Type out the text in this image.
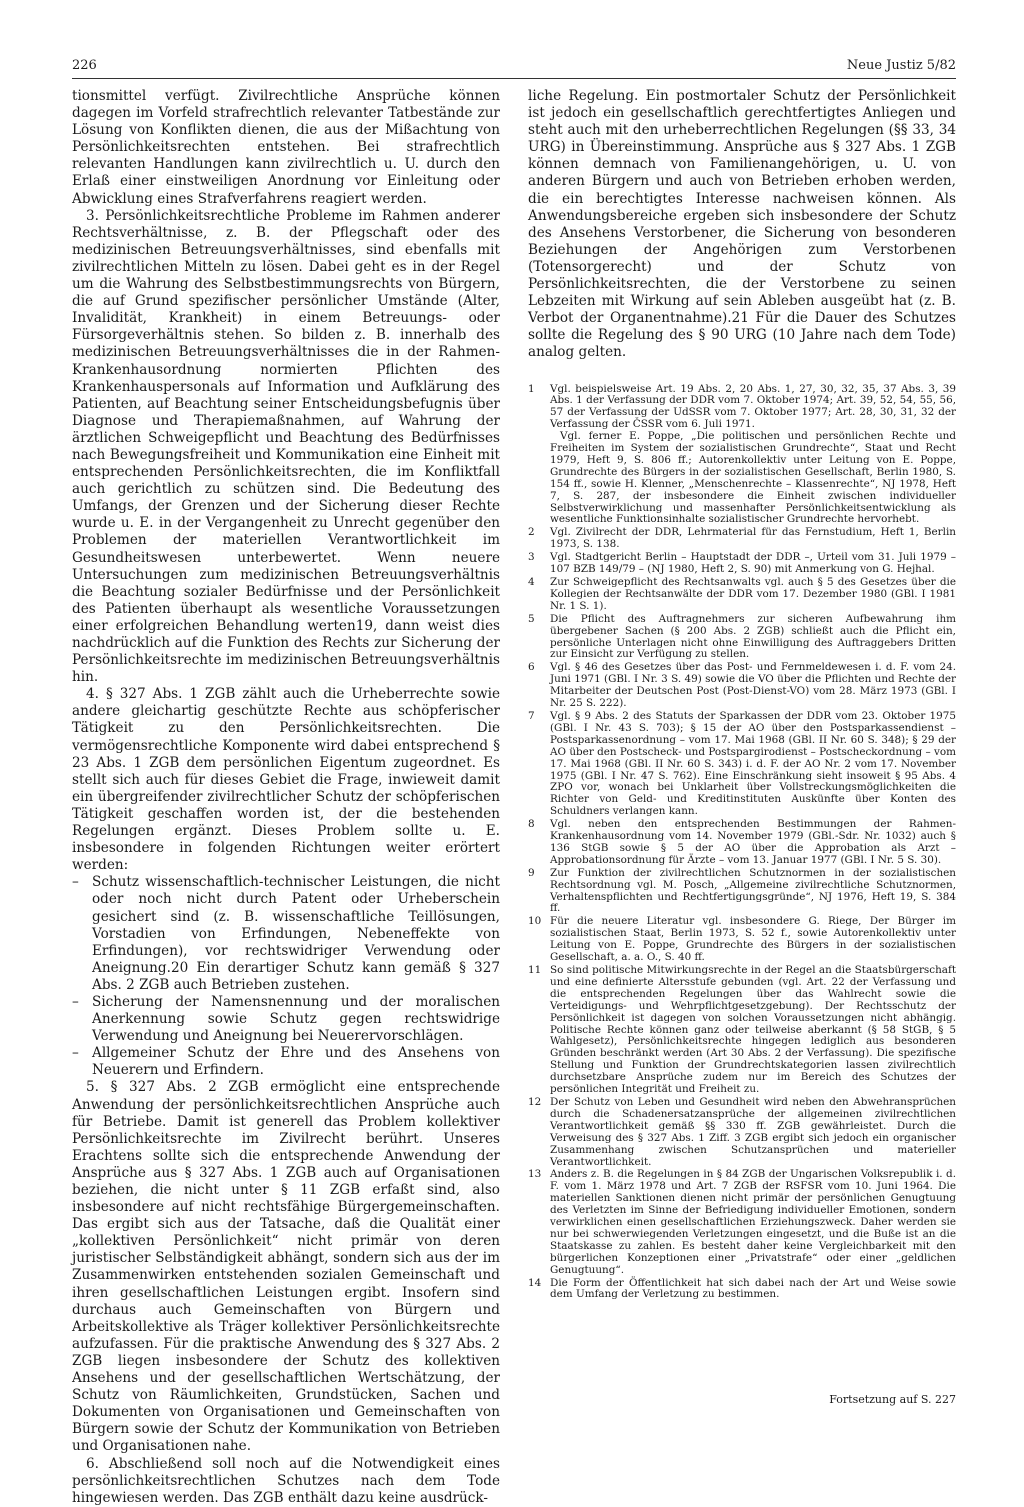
226	Neue Justiz 5/82

tionsmittel verfügt. Zivilrechtliche Ansprüche können dagegen im Vorfeld strafrechtlich relevanter Tatbestände zur Lösung von Konflikten dienen, die aus der Mißachtung von Persönlichkeitsrechten entstehen. Bei strafrechtlich relevanten Handlungen kann zivilrechtlich u. U. durch den Erlaß einer einstweiligen Anordnung vor Einleitung oder Abwicklung eines Strafverfahrens reagiert werden.

3. Persönlichkeitsrechtliche Probleme im Rahmen anderer Rechtsverhältnisse, z. B. der Pflegschaft oder des medizinischen Betreuungsverhältnisses, sind ebenfalls mit zivilrechtlichen Mitteln zu lösen. Dabei geht es in der Regel um die Wahrung des Selbstbestimmungsrechts von Bürgern, die auf Grund spezifischer persönlicher Umstände (Alter, Invalidität, Krankheit) in einem Betreuungs- oder Fürsorgeverhältnis stehen. So bilden z. B. innerhalb des medizinischen Betreuungsverhältnisses die in der Rahmen-Krankenhausordnung normierten Pflichten des Krankenhauspersonals auf Information und Aufklärung des Patienten, auf Beachtung seiner Entscheidungsbefugnis über Diagnose und Therapiemaßnahmen, auf Wahrung der ärztlichen Schweigepflicht und Beachtung des Bedürfnisses nach Bewegungsfreiheit und Kommunikation eine Einheit mit entsprechenden Persönlichkeitsrechten, die im Konfliktfall auch gerichtlich zu schützen sind. Die Bedeutung des Umfangs, der Grenzen und der Sicherung dieser Rechte wurde u. E. in der Vergangenheit zu Unrecht gegenüber den Problemen der materiellen Verantwortlichkeit im Gesundheitswesen unterbewertet. Wenn neuere Untersuchungen zum medizinischen Betreuungsverhältnis die Beachtung sozialer Bedürfnisse und der Persönlichkeit des Patienten überhaupt als wesentliche Voraussetzungen einer erfolgreichen Behandlung werten19, dann weist dies nachdrücklich auf die Funktion des Rechts zur Sicherung der Persönlichkeitsrechte im medizinischen Betreuungsverhältnis hin.

4. § 327 Abs. 1 ZGB zählt auch die Urheberrechte sowie andere gleichartig geschützte Rechte aus schöpferischer Tätigkeit zu den Persönlichkeitsrechten. Die vermögensrechtliche Komponente wird dabei entsprechend § 23 Abs. 1 ZGB dem persönlichen Eigentum zugeordnet. Es stellt sich auch für dieses Gebiet die Frage, inwieweit damit ein übergreifender zivilrechtlicher Schutz der schöpferischen Tätigkeit geschaffen worden ist, der die bestehenden Regelungen ergänzt. Dieses Problem sollte u. E. insbesondere in folgenden Richtungen weiter erörtert werden:

– Schutz wissenschaftlich-technischer Leistungen, die nicht oder noch nicht durch Patent oder Urheberschein gesichert sind (z. B. wissenschaftliche Teillösungen, Vorstadien von Erfindungen, Nebeneffekte von Erfindungen), vor rechtswidriger Verwendung oder Aneignung.20 Ein derartiger Schutz kann gemäß § 327 Abs. 2 ZGB auch Betrieben zustehen.
– Sicherung der Namensnennung und der moralischen Anerkennung sowie Schutz gegen rechtswidrige Verwendung und Aneignung bei Neuerervorschlägen.
– Allgemeiner Schutz der Ehre und des Ansehens von Neuerern und Erfindern.

5. § 327 Abs. 2 ZGB ermöglicht eine entsprechende Anwendung der persönlichkeitsrechtlichen Ansprüche auch für Betriebe. Damit ist generell das Problem kollektiver Persönlichkeitsrechte im Zivilrecht berührt. Unseres Erachtens sollte sich die entsprechende Anwendung der Ansprüche aus § 327 Abs. 1 ZGB auch auf Organisationen beziehen, die nicht unter § 11 ZGB erfaßt sind, also insbesondere auf nicht rechtsfähige Bürgergemeinschaften. Das ergibt sich aus der Tatsache, daß die Qualität einer „kollektiven Persönlichkeit“ nicht primär von deren juristischer Selbständigkeit abhängt, sondern sich aus der im Zusammenwirken entstehenden sozialen Gemeinschaft und ihren gesellschaftlichen Leistungen ergibt. Insofern sind durchaus auch Gemeinschaften von Bürgern und Arbeitskollektive als Träger kollektiver Persönlichkeitsrechte aufzufassen. Für die praktische Anwendung des § 327 Abs. 2 ZGB liegen insbesondere der Schutz des kollektiven Ansehens und der gesellschaftlichen Wertschätzung, der Schutz von Räumlichkeiten, Grundstücken, Sachen und Dokumenten von Organisationen und Gemeinschaften von Bürgern sowie der Schutz der Kommunikation von Betrieben und Organisationen nahe.

6. Abschließend soll noch auf die Notwendigkeit eines persönlichkeitsrechtlichen Schutzes nach dem Tode hingewiesen werden. Das ZGB enthält dazu keine ausdrück-

liche Regelung. Ein postmortaler Schutz der Persönlichkeit ist jedoch ein gesellschaftlich gerechtfertigtes Anliegen und steht auch mit den urheberrechtlichen Regelungen (§§ 33, 34 URG) in Übereinstimmung. Ansprüche aus § 327 Abs. 1 ZGB können demnach von Familienangehörigen, u. U. von anderen Bürgern und auch von Betrieben erhoben werden, die ein berechtigtes Interesse nachweisen können. Als Anwendungsbereiche ergeben sich insbesondere der Schutz des Ansehens Verstorbener, die Sicherung von besonderen Beziehungen der Angehörigen zum Verstorbenen (Totensorgerecht) und der Schutz von Persönlichkeitsrechten, die der Verstorbene zu seinen Lebzeiten mit Wirkung auf sein Ableben ausgeübt hat (z. B. Verbot der Organentnahme).21 Für die Dauer des Schutzes sollte die Regelung des § 90 URG (10 Jahre nach dem Tode) analog gelten.

1	Vgl. beispielsweise Art. 19 Abs. 2, 20 Abs. 1, 27, 30, 32, 35, 37 Abs. 3, 39 Abs. 1 der Verfassung der DDR vom 7. Oktober 1974; Art. 39, 52, 54, 55, 56, 57 der Verfassung der UdSSR vom 7. Oktober 1977; Art. 28, 30, 31, 32 der Verfassung der ČSSR vom 6. Juli 1971.
Vgl. ferner E. Poppe, „Die politischen und persönlichen Rechte und Freiheiten im System der sozialistischen Grundrechte“, Staat und Recht 1979, Heft 9, S. 806 ff.; Autorenkollektiv unter Leitung von E. Poppe, Grundrechte des Bürgers in der sozialistischen Gesellschaft, Berlin 1980, S. 154 ff., sowie H. Klenner, „Menschenrechte – Klassenrechte“, NJ 1978, Heft 7, S. 287, der insbesondere die Einheit zwischen individueller Selbstverwirklichung und massenhafter Persönlichkeitsentwicklung als wesentliche Funktionsinhalte sozialistischer Grundrechte hervorhebt.
2	Vgl. Zivilrecht der DDR, Lehrmaterial für das Fernstudium, Heft 1, Berlin 1973, S. 138.
3	Vgl. Stadtgericht Berlin – Hauptstadt der DDR –, Urteil vom 31. Juli 1979 – 107 BZB 149/79 – (NJ 1980, Heft 2, S. 90) mit Anmerkung von G. Hejhal.
4	Zur Schweigepflicht des Rechtsanwalts vgl. auch § 5 des Gesetzes über die Kollegien der Rechtsanwälte der DDR vom 17. Dezember 1980 (GBl. I 1981 Nr. 1 S. 1).
5	Die Pflicht des Auftragnehmers zur sicheren Aufbewahrung ihm übergebener Sachen (§ 200 Abs. 2 ZGB) schließt auch die Pflicht ein, persönliche Unterlagen nicht ohne Einwilligung des Auftraggebers Dritten zur Einsicht zur Verfügung zu stellen.
6	Vgl. § 46 des Gesetzes über das Post- und Fernmeldewesen i. d. F. vom 24. Juni 1971 (GBl. I Nr. 3 S. 49) sowie die VO über die Pflichten und Rechte der Mitarbeiter der Deutschen Post (Post-Dienst-VO) vom 28. März 1973 (GBl. I Nr. 25 S. 222).
7	Vgl. § 9 Abs. 2 des Statuts der Sparkassen der DDR vom 23. Oktober 1975 (GBl. I Nr. 43 S. 703); § 15 der AO über den Postsparkassendienst – Postsparkassenordnung – vom 17. Mai 1968 (GBl. II Nr. 60 S. 348); § 29 der AO über den Postscheck- und Postspargirodienst – Postscheckordnung – vom 17. Mai 1968 (GBl. II Nr. 60 S. 343) i. d. F. der AO Nr. 2 vom 17. November 1975 (GBl. I Nr. 47 S. 762). Eine Einschränkung sieht insoweit § 95 Abs. 4 ZPO vor, wonach bei Unklarheit über Vollstreckungsmöglichkeiten die Richter von Geld- und Kreditinstituten Auskünfte über Konten des Schuldners verlangen kann.
8	Vgl. neben den entsprechenden Bestimmungen der Rahmen-Krankenhausordnung vom 14. November 1979 (GBl.-Sdr. Nr. 1032) auch § 136 StGB sowie § 5 der AO über die Approbation als Arzt – Approbationsordnung für Ärzte – vom 13. Januar 1977 (GBl. I Nr. 5 S. 30).
9	Zur Funktion der zivilrechtlichen Schutznormen in der sozialistischen Rechtsordnung vgl. M. Posch, „Allgemeine zivilrechtliche Schutznormen, Verhaltenspflichten und Rechtfertigungsgründe“, NJ 1976, Heft 19, S. 384 ff.
10 Für die neuere Literatur vgl. insbesondere G. Riege, Der Bürger im sozialistischen Staat, Berlin 1973, S. 52 f., sowie Autorenkollektiv unter Leitung von E. Poppe, Grundrechte des Bürgers in der sozialistischen Gesellschaft, a. a. O., S. 40 ff.
11 So sind politische Mitwirkungsrechte in der Regel an die Staatsbürgerschaft und eine definierte Altersstufe gebunden (vgl. Art. 22 der Verfassung und die entsprechenden Regelungen über das Wahlrecht sowie die Verteidigungs- und Wehrpflichtgesetzgebung). Der Rechtsschutz der Persönlichkeit ist dagegen von solchen Voraussetzungen nicht abhängig. Politische Rechte können ganz oder teilweise aberkannt (§ 58 StGB, § 5 Wahlgesetz), Persönlichkeitsrechte hingegen lediglich aus besonderen Gründen beschränkt werden (Art 30 Abs. 2 der Verfassung). Die spezifische Stellung und Funktion der Grundrechtskategorien lassen zivilrechtlich durchsetzbare Ansprüche zudem nur im Bereich des Schutzes der persönlichen Integrität und Freiheit zu.
12 Der Schutz von Leben und Gesundheit wird neben den Abwehransprüchen durch die Schadenersatzansprüche der allgemeinen zivilrechtlichen Verantwortlichkeit gemäß §§ 330 ff. ZGB gewährleistet. Durch die Verweisung des § 327 Abs. 1 Ziff. 3 ZGB ergibt sich jedoch ein organischer Zusammenhang zwischen Schutzansprüchen und materieller Verantwortlichkeit.
13 Anders z. B. die Regelungen in § 84 ZGB der Ungarischen Volksrepublik i. d. F. vom 1. März 1978 und Art. 7 ZGB der RSFSR vom 10. Juni 1964. Die materiellen Sanktionen dienen nicht primär der persönlichen Genugtuung des Verletzten im Sinne der Befriedigung individueller Emotionen, sondern verwirklichen einen gesellschaftlichen Erziehungszweck. Daher werden sie nur bei schwerwiegenden Verletzungen eingesetzt, und die Buße ist an die Staatskasse zu zahlen. Es besteht daher keine Vergleichbarkeit mit den bürgerlichen Konzeptionen einer „Privatstrafe“ oder einer „geldlichen Genugtuung“.
14 Die Form der Öffentlichkeit hat sich dabei nach der Art und Weise sowie dem Umfang der Verletzung zu bestimmen.
Fortsetzung auf S. 227
